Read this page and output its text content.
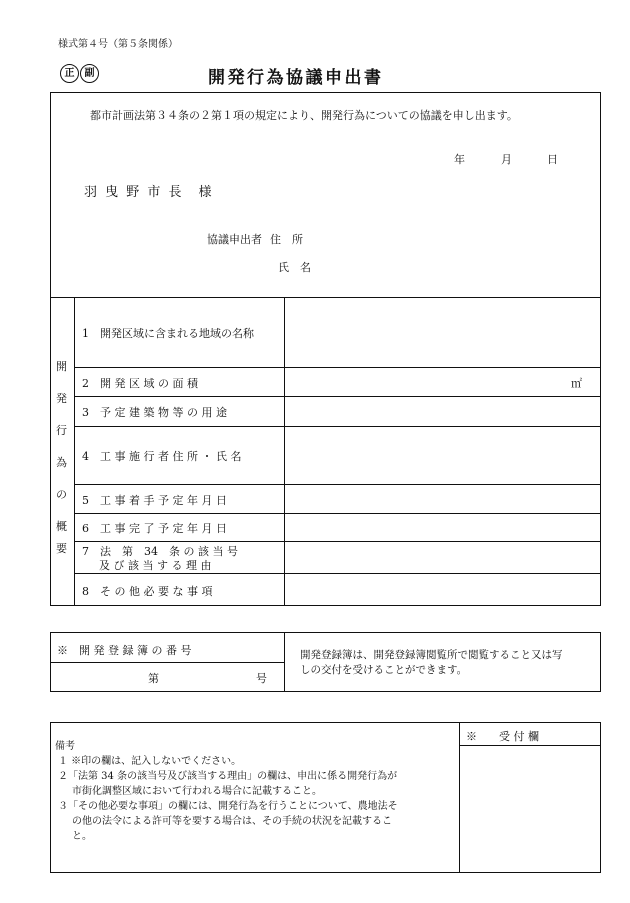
様式第４号（第５条関係）
正	副	開発行為協議申出書
都市計画法第３４条の２第１項の規定により、開発行為についての協議を申し出ます。
年	月	日
羽 曳 野 市 長　様
協議申出者 住　所
氏　名
開
発
行
為
の
概
要
1　開発区域に含まれる地域の名称
2　開 発 区 域 の 面 積	㎡
3　予 定 建 築 物 等 の 用 途
4　工 事 施 行 者 住 所 ・ 氏 名
5　工 事 着 手 予 定 年 月 日
6　工 事 完 了 予 定 年 月 日
7　法　第　34　条 の 該 当 号
及 び 該 当 す る 理 由
8　そ の 他 必 要 な 事 項
※　開 発 登 録 簿 の 番 号
第	号
開発登録簿は、開発登録簿閲覧所で閲覧すること又は写
しの交付を受けることができます。
※　　受 付 欄
備考
１ ※印の欄は、記入しないでください。
２「法第 34 条の該当号及び該当する理由」の欄は、申出に係る開発行為が
市街化調整区域において行われる場合に記載すること。
３「その他必要な事項」の欄には、開発行為を行うことについて、農地法そ
の他の法令による許可等を要する場合は、その手続の状況を記載するこ
と。
